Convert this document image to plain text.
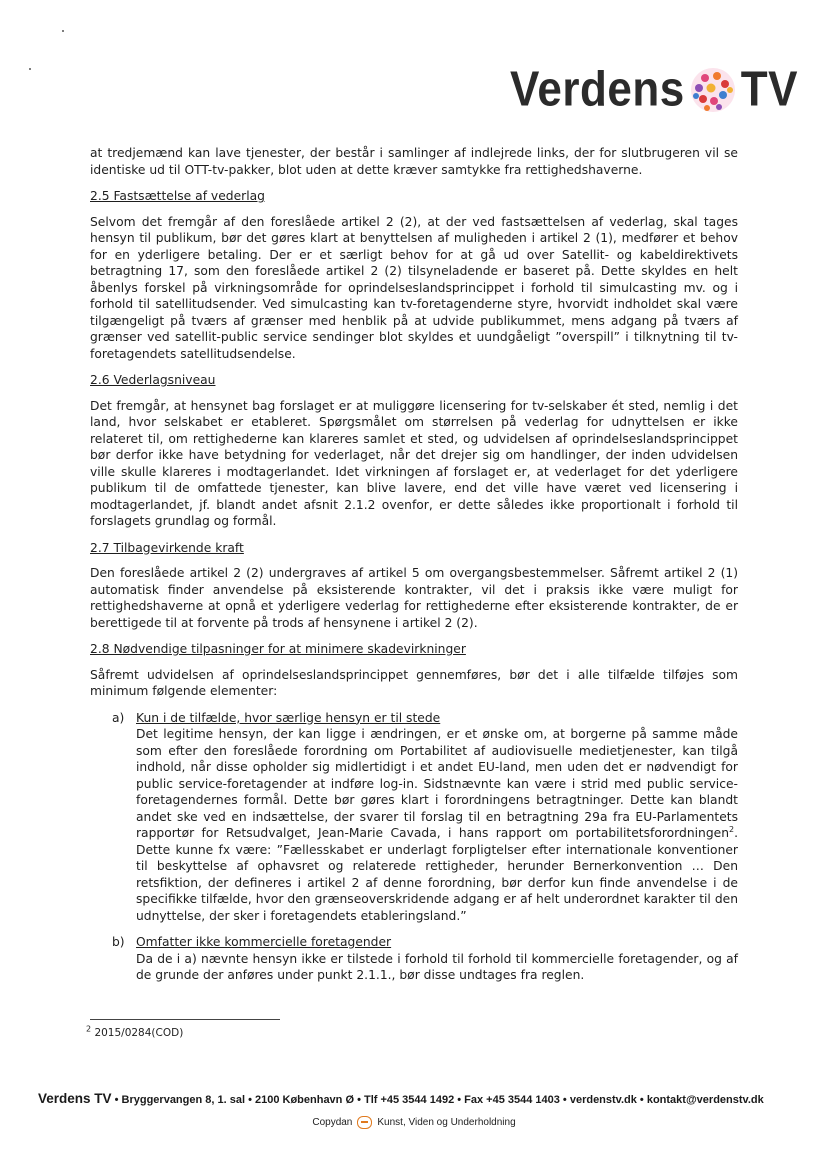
Verdens TV

at tredjemænd kan lave tjenester, der består i samlinger af indlejrede links, der for slutbrugeren vil se identiske ud til OTT-tv-pakker, blot uden at dette kræver samtykke fra rettighedshaverne.

2.5 Fastsættelse af vederlag

Selvom det fremgår af den foreslåede artikel 2 (2), at der ved fastsættelsen af vederlag, skal tages hensyn til publikum, bør det gøres klart at benyttelsen af muligheden i artikel 2 (1), medfører et behov for en yderligere betaling. Der er et særligt behov for at gå ud over Satellit- og kabeldirektivets betragtning 17, som den foreslåede artikel 2 (2) tilsyneladende er baseret på. Dette skyldes en helt åbenlys forskel på virkningsområde for oprindelseslandsprincippet i forhold til simulcasting mv. og i forhold til satellitudsender. Ved simulcasting kan tv-foretagenderne styre, hvorvidt indholdet skal være tilgængeligt på tværs af grænser med henblik på at udvide publikummet, mens adgang på tværs af grænser ved satellit-public service sendinger blot skyldes et uundgåeligt ”overspill” i tilknytning til tv-foretagendets satellitudsendelse.

2.6 Vederlagsniveau

Det fremgår, at hensynet bag forslaget er at muliggøre licensering for tv-selskaber ét sted, nemlig i det land, hvor selskabet er etableret. Spørgsmålet om størrelsen på vederlag for udnyttelsen er ikke relateret til, om rettighederne kan klareres samlet et sted, og udvidelsen af oprindelseslandsprincippet bør derfor ikke have betydning for vederlaget, når det drejer sig om handlinger, der inden udvidelsen ville skulle klareres i modtagerlandet. Idet virkningen af forslaget er, at vederlaget for det yderligere publikum til de omfattede tjenester, kan blive lavere, end det ville have været ved licensering i modtagerlandet, jf. blandt andet afsnit 2.1.2 ovenfor, er dette således ikke proportionalt i forhold til forslagets grundlag og formål.

2.7 Tilbagevirkende kraft

Den foreslåede artikel 2 (2) undergraves af artikel 5 om overgangsbestemmelser. Såfremt artikel 2 (1) automatisk finder anvendelse på eksisterende kontrakter, vil det i praksis ikke være muligt for rettighedshaverne at opnå et yderligere vederlag for rettighederne efter eksisterende kontrakter, de er berettigede til at forvente på trods af hensynene i artikel 2 (2).

2.8 Nødvendige tilpasninger for at minimere skadevirkninger

Såfremt udvidelsen af oprindelseslandsprincippet gennemføres, bør det i alle tilfælde tilføjes som minimum følgende elementer:

a) Kun i de tilfælde, hvor særlige hensyn er til stede
Det legitime hensyn, der kan ligge i ændringen, er et ønske om, at borgerne på samme måde som efter den foreslåede forordning om Portabilitet af audiovisuelle medietjenester, kan tilgå indhold, når disse opholder sig midlertidigt i et andet EU-land, men uden det er nødvendigt for public service-foretagender at indføre log-in. Sidstnævnte kan være i strid med public service-foretagendernes formål. Dette bør gøres klart i forordningens betragtninger. Dette kan blandt andet ske ved en indsættelse, der svarer til forslag til en betragtning 29a fra EU-Parlamentets rapportør for Retsudvalget, Jean-Marie Cavada, i hans rapport om portabilitetsforordningen$^2$. Dette kunne fx være: ”Fællesskabet er underlagt forpligtelser efter internationale konventioner til beskyttelse af ophavsret og relaterede rettigheder, herunder Bernerkonvention … Den retsfiktion, der defineres i artikel 2 af denne forordning, bør derfor kun finde anvendelse i de specifikke tilfælde, hvor den grænseoverskridende adgang er af helt underordnet karakter til den udnyttelse, der sker i foretagendets etableringsland.”
b) Omfatter ikke kommercielle foretagender
Da de i a) nævnte hensyn ikke er tilstede i forhold til forhold til kommercielle foretagender, og af de grunde der anføres under punkt 2.1.1., bør disse undtages fra reglen.
$^2$ 2015/0284(COD)
Verdens TV • Bryggervangen 8, 1. sal • 2100 København Ø • Tlf +45 3544 1492 • Fax +45 3544 1403 • verdenstv.dk • kontakt@verdenstv.dk
Copydan	Kunst, Viden og Underholdning
